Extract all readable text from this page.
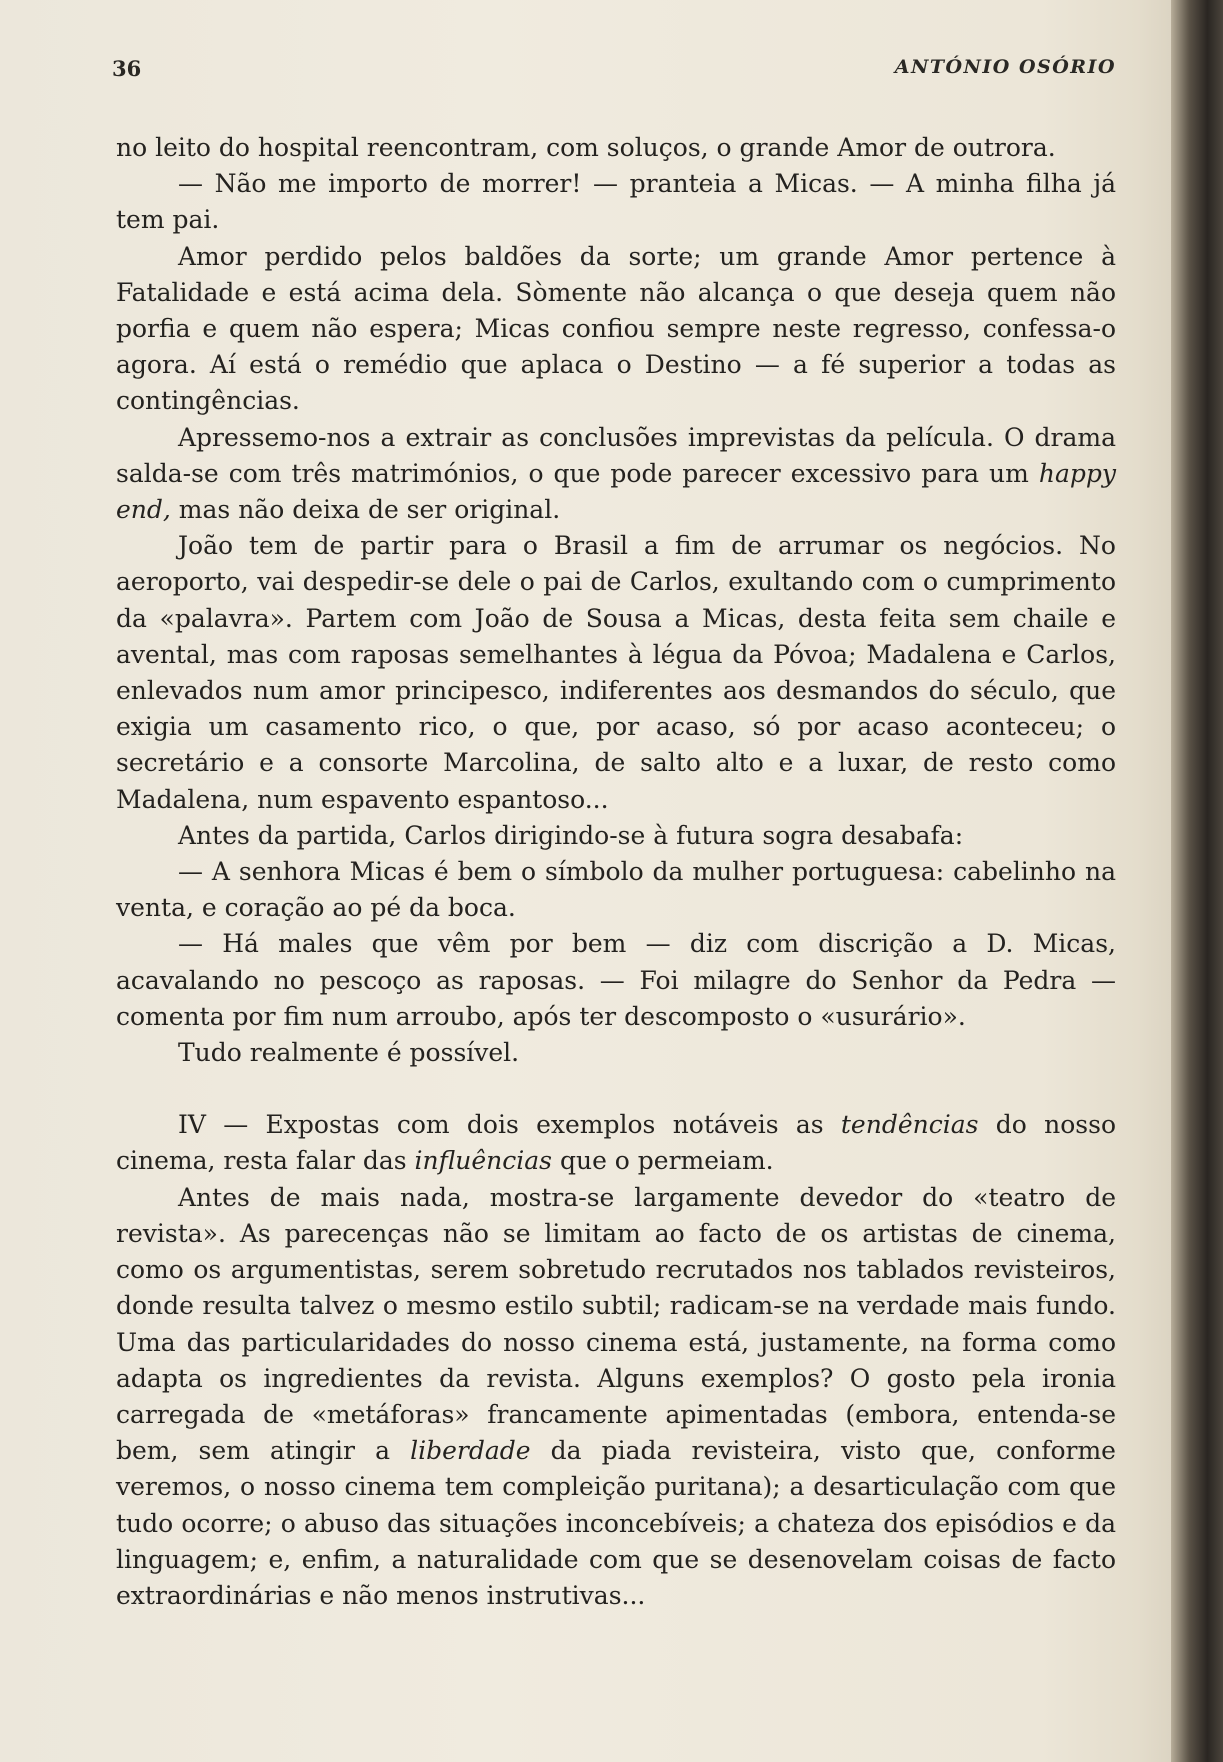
36	ANTÓNIO OSÓRIO

no leito do hospital reencontram, com soluços, o grande Amor de outrora.

— Não me importo de morrer! — pranteia a Micas. — A minha filha já tem pai.

Amor perdido pelos baldões da sorte; um grande Amor pertence à Fatalidade e está acima dela. Sòmente não alcança o que deseja quem não porfia e quem não espera; Micas confiou sempre neste regresso, confessa-o agora. Aí está o remédio que aplaca o Destino — a fé superior a todas as contingências.

Apressemo-nos a extrair as conclusões imprevistas da película. O drama salda-se com três matrimónios, o que pode parecer excessivo para um happy end, mas não deixa de ser original.

João tem de partir para o Brasil a fim de arrumar os negócios. No aeroporto, vai despedir-se dele o pai de Carlos, exultando com o cumprimento da «palavra». Partem com João de Sousa a Micas, desta feita sem chaile e avental, mas com raposas semelhantes à légua da Póvoa; Madalena e Carlos, enlevados num amor principesco, indiferentes aos desmandos do século, que exigia um casamento rico, o que, por acaso, só por acaso aconteceu; o secretário e a consorte Marcolina, de salto alto e a luxar, de resto como Madalena, num espavento espantoso...

Antes da partida, Carlos dirigindo-se à futura sogra desabafa:

— A senhora Micas é bem o símbolo da mulher portuguesa: cabelinho na venta, e coração ao pé da boca.

— Há males que vêm por bem — diz com discrição a D. Micas, acavalando no pescoço as raposas. — Foi milagre do Senhor da Pedra — comenta por fim num arroubo, após ter descomposto o «usurário».

Tudo realmente é possível.

IV — Expostas com dois exemplos notáveis as tendências do nosso cinema, resta falar das influências que o permeiam.

Antes de mais nada, mostra-se largamente devedor do «teatro de revista». As parecenças não se limitam ao facto de os artistas de cinema, como os argumentistas, serem sobretudo recrutados nos tablados revisteiros, donde resulta talvez o mesmo estilo subtil; radicam-se na verdade mais fundo. Uma das particularidades do nosso cinema está, justamente, na forma como adapta os ingredientes da revista. Alguns exemplos? O gosto pela ironia carregada de «metáforas» francamente apimentadas (embora, entenda-se bem, sem atingir a liberdade da piada revisteira, visto que, conforme veremos, o nosso cinema tem compleição puritana); a desarticulação com que tudo ocorre; o abuso das situações inconcebíveis; a chateza dos episódios e da linguagem; e, enfim, a naturalidade com que se desenovelam coisas de facto extraordinárias e não menos instrutivas...
